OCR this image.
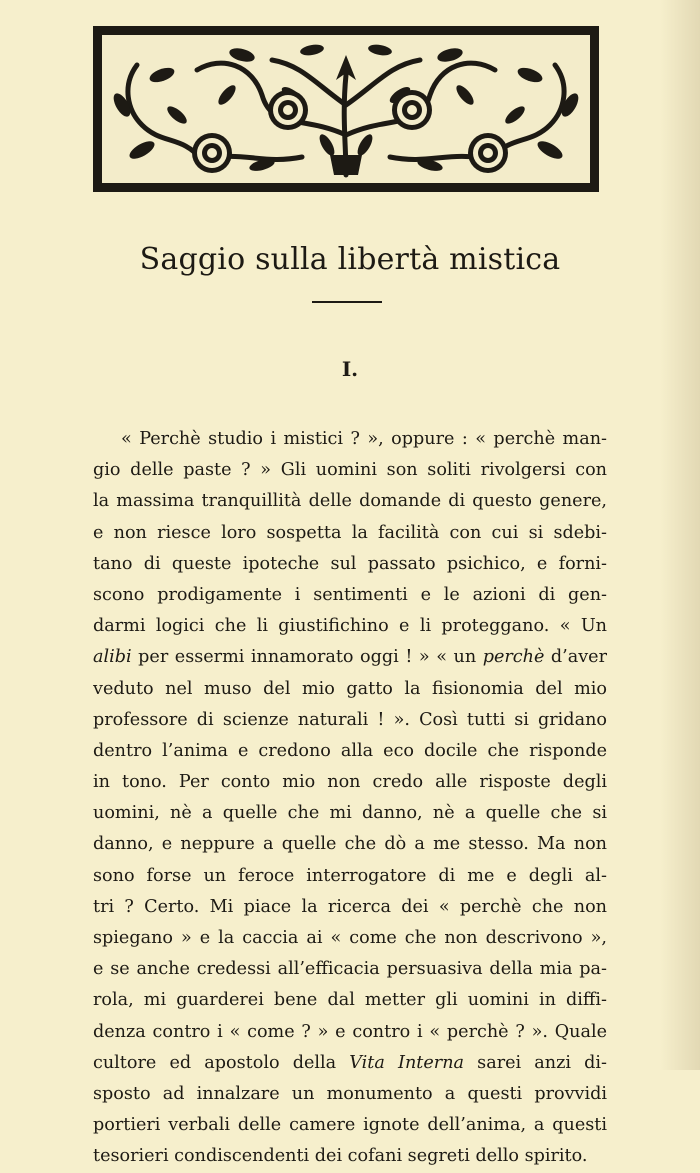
Saggio sulla libertà mistica
I.
« Perchè studio i mistici ? », oppure : « perchè man-
gio delle paste ? » Gli uomini son soliti rivolgersi con
la massima tranquillità delle domande di questo genere,
e non riesce loro sospetta la facilità con cui si sdebi-
tano di queste ipoteche sul passato psichico, e forni-
scono prodigamente i sentimenti e le azioni di gen-
darmi logici che li giustifichino e li proteggano. « Un
alibi per essermi innamorato oggi ! » « un perchè d’aver
veduto nel muso del mio gatto la fisionomia del mio
professore di scienze naturali ! ». Così tutti si gridano
dentro l’anima e credono alla eco docile che risponde
in tono. Per conto mio non credo alle risposte degli
uomini, nè a quelle che mi danno, nè a quelle che si
danno, e neppure a quelle che dò a me stesso. Ma non
sono forse un feroce interrogatore di me e degli al-
tri ? Certo. Mi piace la ricerca dei « perchè che non
spiegano » e la caccia ai « come che non descrivono »,
e se anche credessi all’efficacia persuasiva della mia pa-
rola, mi guarderei bene dal metter gli uomini in diffi-
denza contro i « come ? » e contro i « perchè ? ». Quale
cultore ed apostolo della Vita Interna sarei anzi di-
sposto ad innalzare un monumento a questi provvidi
portieri verbali delle camere ignote dell’anima, a questi
tesorieri condiscendenti dei cofani segreti dello spirito.
